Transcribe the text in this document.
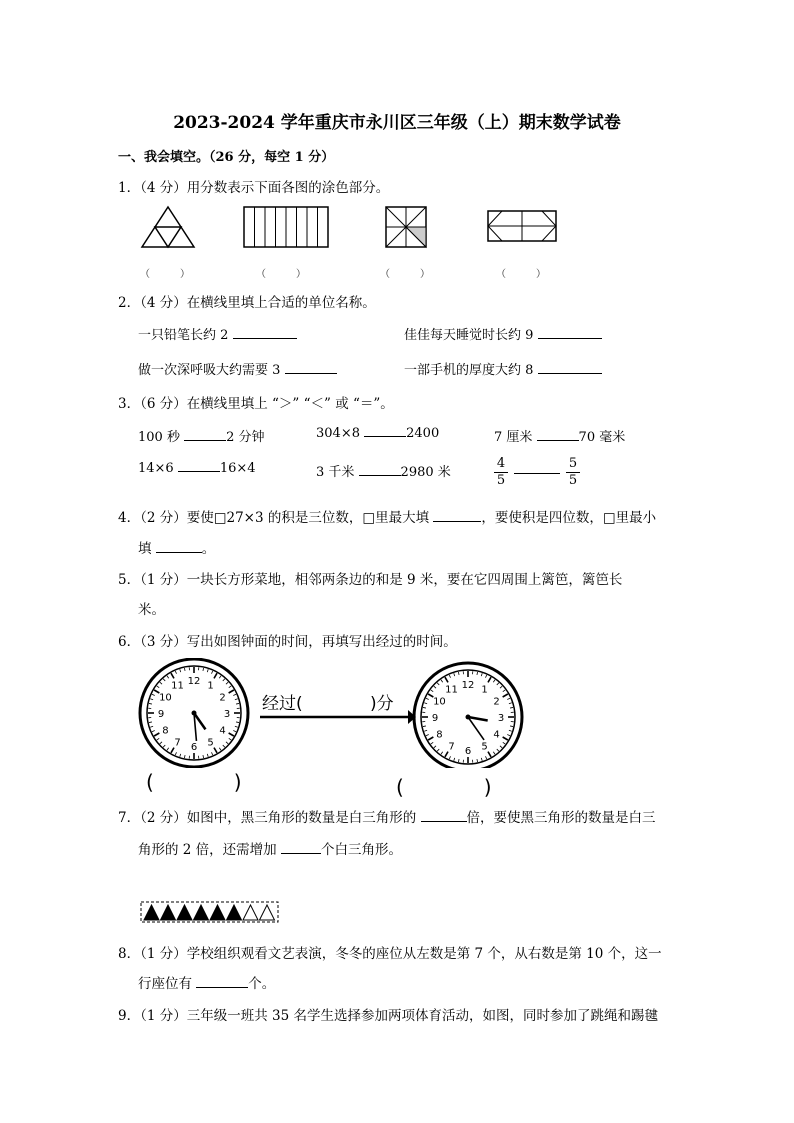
2023-2024 学年重庆市永川区三年级（上）期末数学试卷
一、我会填空。（26 分，每空 1 分）
1．（4 分）用分数表示下面各图的涂色部分。
（　　　）	（　　　）	（　　　）	（　　　）
2．（4 分）在横线里填上合适的单位名称。
一只铅笔长约 2	佳佳每天睡觉时长约 9
做一次深呼吸大约需要 3	一部手机的厚度大约 8
3．（6 分）在横线里填上 “＞” “＜” 或 “＝”。
100 秒	2 分钟	304×8	2400	7 厘米	70 毫米
14×6	16×4	3 千米	2980 米	$\frac{4}{5}$	$\frac{5}{5}$
4．（2 分）要使□27×3 的积是三位数，□里最大填	，要使积是四位数，□里最小
填	。
5．（1 分）一块长方形菜地，相邻两条边的和是 9 米，要在它四周围上篱笆，篱笆长
米。
6．（3 分）写出如图钟面的时间，再填写出经过的时间。
12 1
2
3
4
5
6
7
8
9
10
11	12 1
2
3
4
5
6
7
8
9
10
11
经过(	)分
(　　　　)	(　　　　)
7．（2 分）如图中，黑三角形的数量是白三角形的	倍，要使黑三角形的数量是白三
角形的 2 倍，还需增加	个白三角形。
8．（1 分）学校组织观看文艺表演，冬冬的座位从左数是第 7 个，从右数是第 10 个，这一
行座位有	个。
9．（1 分）三年级一班共 35 名学生选择参加两项体育活动，如图，同时参加了跳绳和踢毽
